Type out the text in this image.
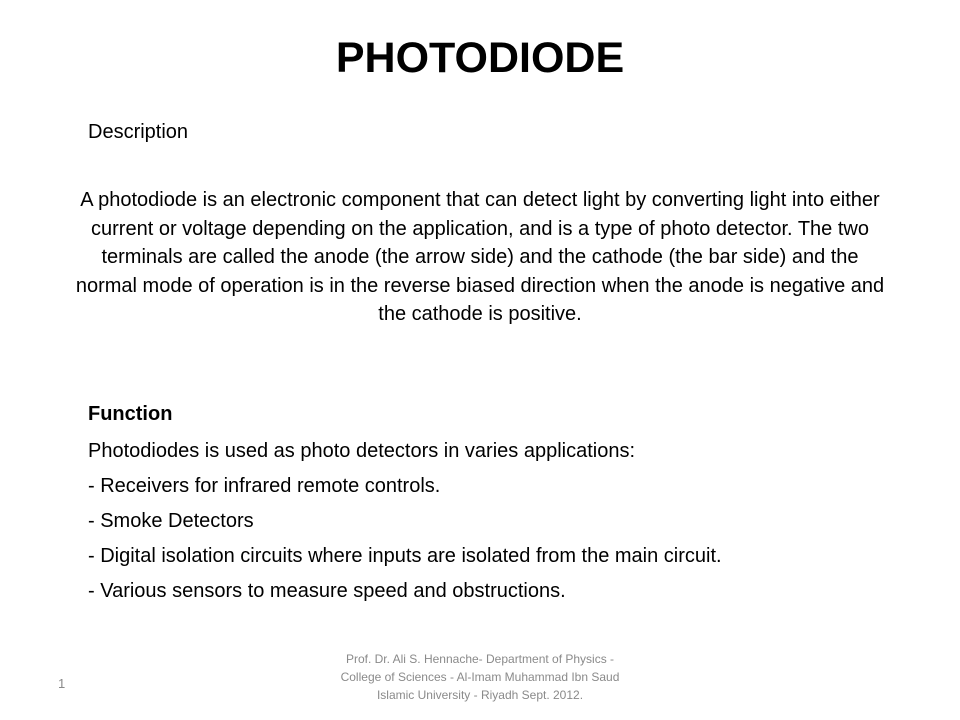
PHOTODIODE
Description
A photodiode is an electronic component that can detect light by converting light into either current or voltage depending on the application, and is a type of photo detector. The two terminals are called the anode (the arrow side) and the cathode (the bar side) and the normal mode of operation is in the reverse biased direction when the anode is negative and the cathode is positive.
Function
Photodiodes is used as photo detectors in varies applications:
- Receivers for infrared remote controls.
- Smoke Detectors
- Digital isolation circuits where inputs are isolated from the main circuit.
- Various sensors to measure speed and obstructions.
1
Prof. Dr. Ali S. Hennache- Department of Physics - College of Sciences - Al-Imam Muhammad Ibn Saud Islamic University - Riyadh Sept. 2012.
